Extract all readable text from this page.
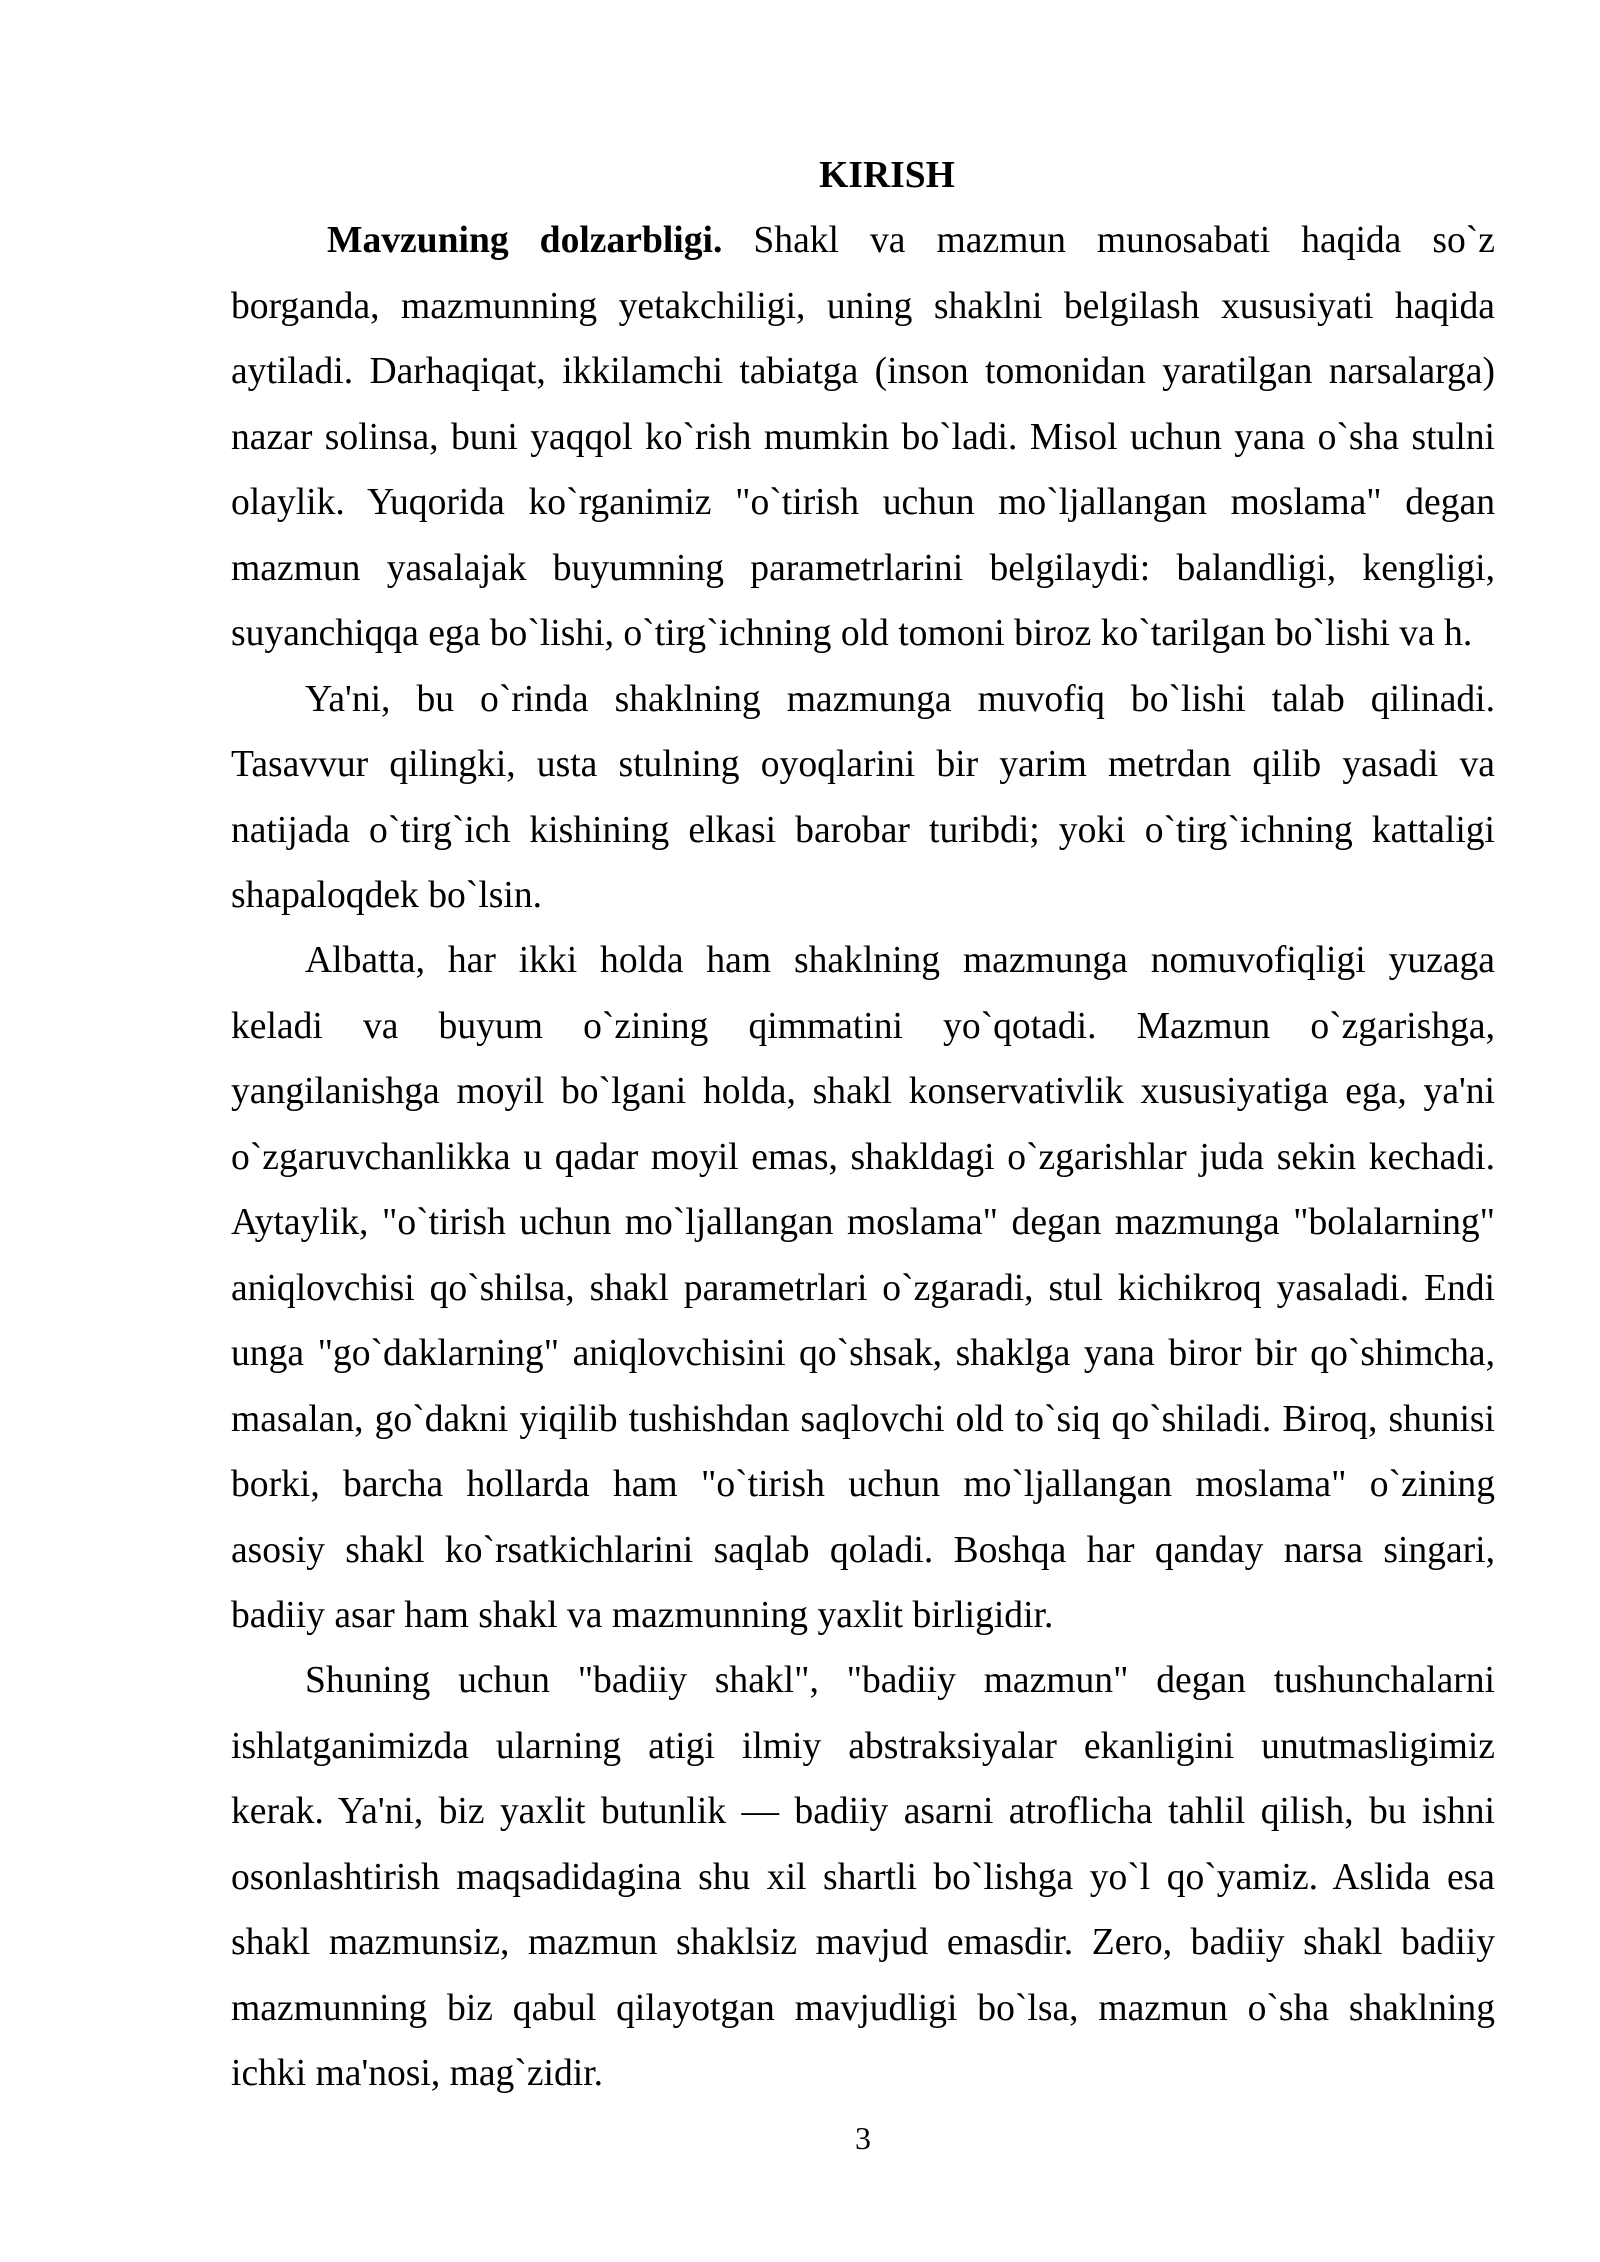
KIRISH
Mavzuning dolzarbligi. Shakl va mazmun munosabati haqida so`z
borganda, mazmunning yetakchiligi, uning shaklni belgilash xususiyati haqida
aytiladi. Darhaqiqat, ikkilamchi tabiatga (inson tomonidan yaratilgan narsalarga)
nazar solinsa, buni yaqqol ko`rish mumkin bo`ladi. Misol uchun yana o`sha stulni
olaylik. Yuqorida ko`rganimiz "o`tirish uchun mo`ljallangan moslama" degan
mazmun yasalajak buyumning parametrlarini belgilaydi: balandligi, kengligi,
suyanchiqqa ega bo`lishi, o`tirg`ichning old tomoni biroz ko`tarilgan bo`lishi va h.
Ya'ni, bu o`rinda shaklning mazmunga muvofiq bo`lishi talab qilinadi.
Tasavvur qilingki, usta stulning oyoqlarini bir yarim metrdan qilib yasadi va
natijada o`tirg`ich kishining elkasi barobar turibdi; yoki o`tirg`ichning kattaligi
shapaloqdek bo`lsin.
Albatta, har ikki holda ham shaklning mazmunga nomuvofiqligi yuzaga
keladi va buyum o`zining qimmatini yo`qotadi. Mazmun o`zgarishga,
yangilanishga moyil bo`lgani holda, shakl konservativlik xususiyatiga ega, ya'ni
o`zgaruvchanlikka u qadar moyil emas, shakldagi o`zgarishlar juda sekin kechadi.
Aytaylik, "o`tirish uchun mo`ljallangan moslama" degan mazmunga "bolalarning"
aniqlovchisi qo`shilsa, shakl parametrlari o`zgaradi, stul kichikroq yasaladi. Endi
unga "go`daklarning" aniqlovchisini qo`shsak, shaklga yana biror bir qo`shimcha,
masalan, go`dakni yiqilib tushishdan saqlovchi old to`siq qo`shiladi. Biroq, shunisi
borki, barcha hollarda ham "o`tirish uchun mo`ljallangan moslama" o`zining
asosiy shakl ko`rsatkichlarini saqlab qoladi. Boshqa har qanday narsa singari,
badiiy asar ham shakl va mazmunning yaxlit birligidir.
Shuning uchun "badiiy shakl", "badiiy mazmun" degan tushunchalarni
ishlatganimizda ularning atigi ilmiy abstraksiyalar ekanligini unutmasligimiz
kerak. Ya'ni, biz yaxlit butunlik — badiiy asarni atroflicha tahlil qilish, bu ishni
osonlashtirish maqsadidagina shu xil shartli bo`lishga yo`l qo`yamiz. Aslida esa
shakl mazmunsiz, mazmun shaklsiz mavjud emasdir. Zero, badiiy shakl badiiy
mazmunning biz qabul qilayotgan mavjudligi bo`lsa, mazmun o`sha shaklning
ichki ma'nosi, mag`zidir.
3
